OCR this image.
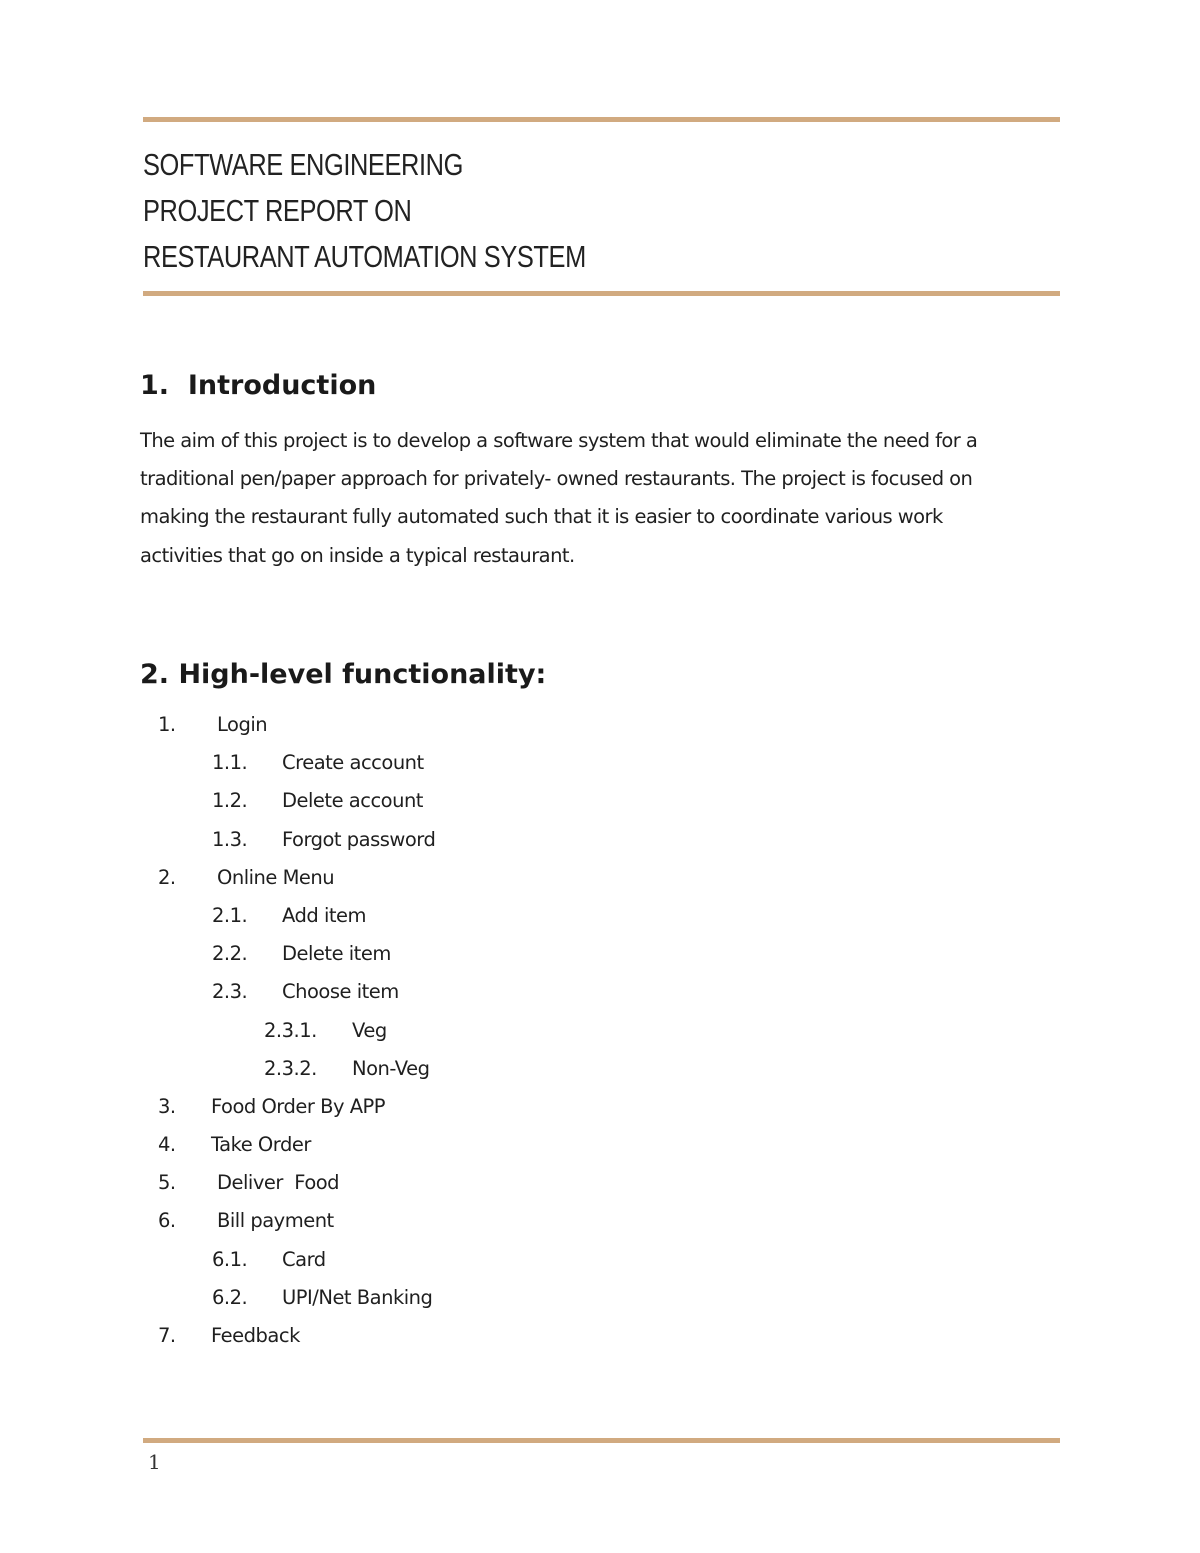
SOFTWARE ENGINEERING
PROJECT REPORT ON
RESTAURANT AUTOMATION SYSTEM
1.  Introduction
The aim of this project is to develop a software system that would eliminate the need for a
traditional pen/paper approach for privately- owned restaurants. The project is focused on
making the restaurant fully automated such that it is easier to coordinate various work
activities that go on inside a typical restaurant.
2. High-level functionality:
1. Login
1.1. Create account
1.2. Delete account
1.3. Forgot password
2. Online Menu
2.1. Add item
2.2. Delete item
2.3. Choose item
2.3.1. Veg
2.3.2. Non-Veg
3. Food Order By APP
4. Take Order
5. Deliver  Food
6. Bill payment
6.1. Card
6.2. UPI/Net Banking
7. Feedback
1
